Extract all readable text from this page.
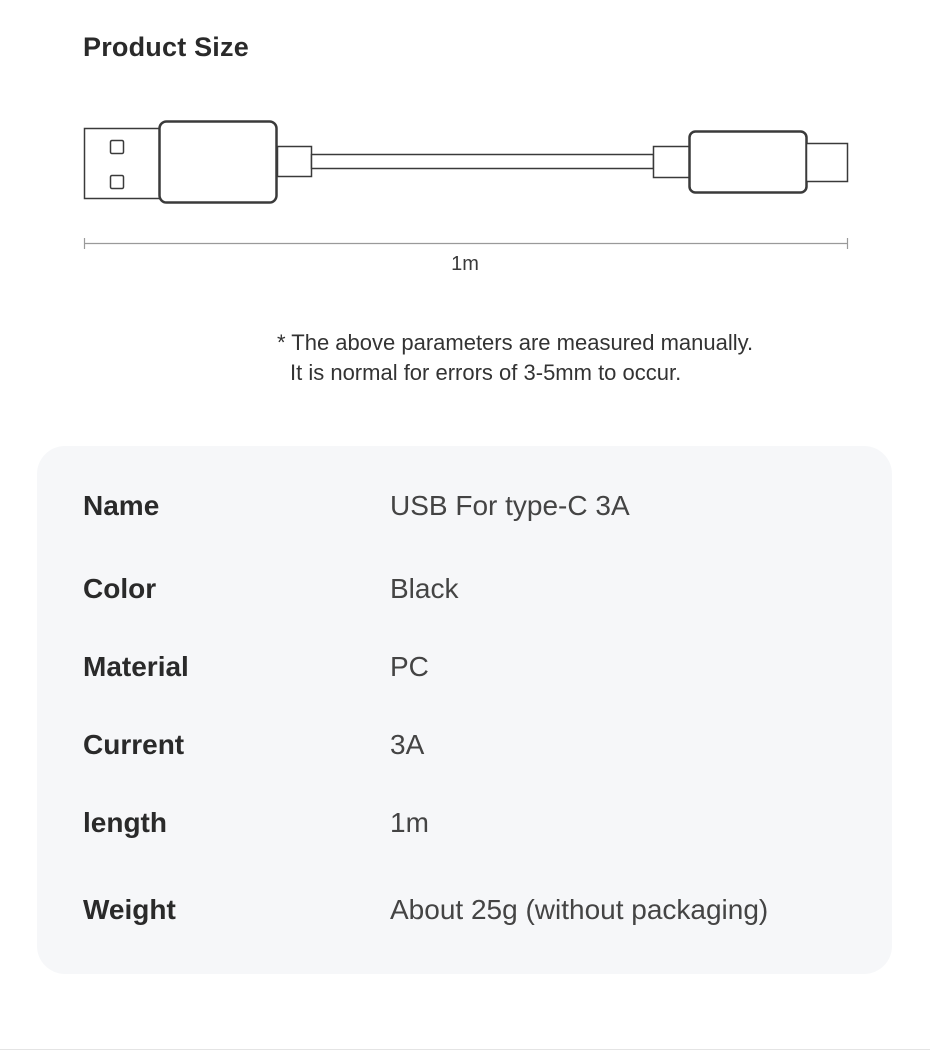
Product Size
1m
* The above parameters are measured manually.
It is normal for errors of 3-5mm to occur.
Name	USB For type-C 3A
Color	Black
Material	PC
Current	3A
length	1m
Weight	About 25g (without packaging)
